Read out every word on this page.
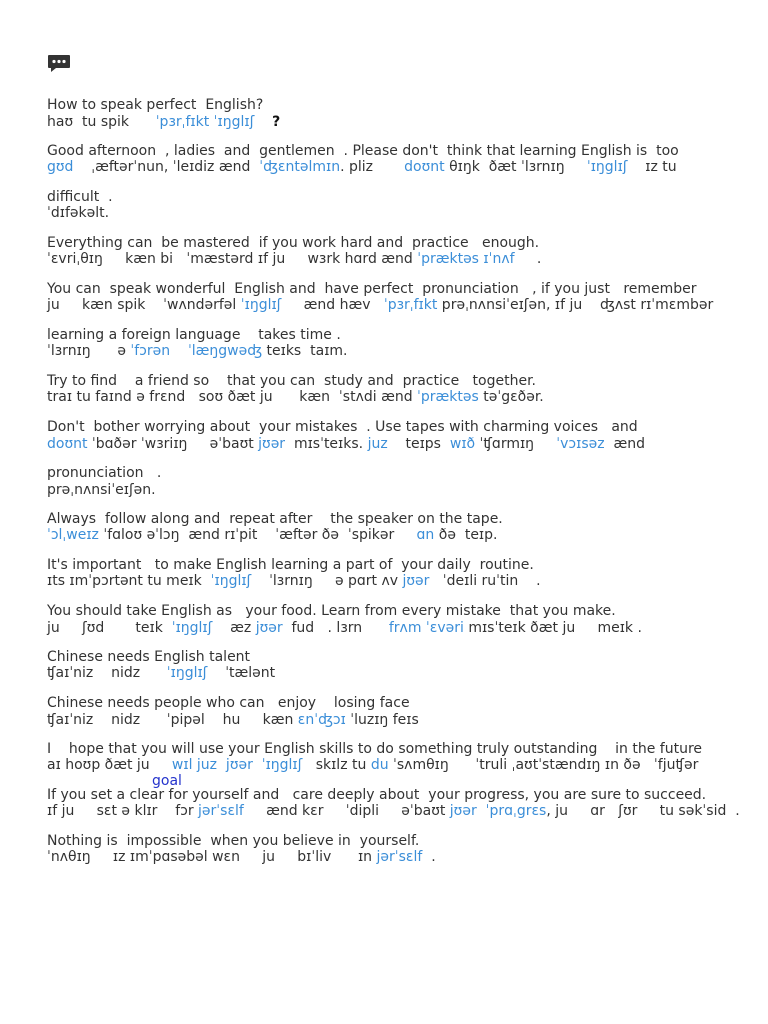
How to speak perfect  English?
haʊ  tu spik      ˈpɜrˌfɪkt ˈɪŋglɪʃ ?
Good afternoon  , ladies  and  gentlemen  . Please don't  think that learning English is  too
gʊd    ˌæftərˈnun, ˈleɪdiz ænd  ˈʤɛntəlmɪn. pliz       doʊnt θɪŋk  ðæt ˈlɜrnɪŋ     ˈɪŋglɪʃ    ɪz tu
difficult  .
ˈdɪfəkəlt.
Everything can  be mastered  if you work hard and  practice   enough.
ˈɛvriˌθɪŋ     kæn bi   ˈmæstərd ɪf ju     wɜrk hɑrd ænd ˈpræktəs ɪˈnʌf     .
You can  speak wonderful  English and  have perfect  pronunciation   , if you just   remember
ju     kæn spik    ˈwʌndərfəl ˈɪŋglɪʃ     ænd hæv   ˈpɜrˌfɪkt prəˌnʌnsiˈeɪʃən, ɪf ju    ʤʌst rɪˈmɛmbər
learning a foreign language    takes time .
ˈlɜrnɪŋ      ə ˈfɔrən ˈlæŋgwəʤ teɪks  taɪm.
Try to find    a friend so    that you can  study and  practice   together.
traɪ tu faɪnd ə frɛnd   soʊ ðæt ju      kæn  ˈstʌdi ænd ˈpræktəs təˈgɛðər.
Don't  bother worrying about  your mistakes  . Use tapes with charming voices   and
doʊnt ˈbɑðər ˈwɜriɪŋ     əˈbaʊt jʊər  mɪsˈteɪks. juz    teɪps  wɪð ˈʧɑrmɪŋ     ˈvɔɪsəz  ænd
pronunciation   .
prəˌnʌnsiˈeɪʃən.
Always  follow along and  repeat after    the speaker on the tape.
ˈɔlˌweɪz ˈfɑloʊ əˈlɔŋ  ænd rɪˈpit    ˈæftər ðə  ˈspikər     ɑn ðə  teɪp.
It's important   to make English learning a part of  your daily  routine.
ɪts ɪmˈpɔrtənt tu meɪk  ˈɪŋglɪʃ    ˈlɜrnɪŋ     ə pɑrt ʌv jʊər   ˈdeɪli ruˈtin    .
You should take English as   your food. Learn from every mistake  that you make.
ju     ʃʊd       teɪk  ˈɪŋglɪʃ    æz jʊər  fud   . lɜrn      frʌm ˈɛvəri mɪsˈteɪk ðæt ju     meɪk .
Chinese needs English talent
ʧaɪˈniz    nidz      ˈɪŋglɪʃ    ˈtælənt
Chinese needs people who can   enjoy    losing face
ʧaɪˈniz    nidz      ˈpipəl    hu     kæn ɛnˈʤɔɪ ˈluzɪŋ feɪs
I    hope that you will use your English skills to do something truly outstanding    in the future
aɪ hoʊp ðæt ju     wɪl juz  jʊər  ˈɪŋglɪʃ   skɪlz tu du ˈsʌmθɪŋ      ˈtruli ˌaʊtˈstændɪŋ ɪn ðə   ˈfjuʧər
If you set a clear for yourself and   care deeply about  your progress, you are sure to succeed.
ɪf ju     sɛt ə klɪr    fɔr jərˈsɛlf     ænd kɛr     ˈdipli     əˈbaʊt jʊər ˈprɑˌgrɛs, ju     ɑr   ʃʊr     tu səkˈsid  .
Nothing is  impossible  when you believe in  yourself.
ˈnʌθɪŋ     ɪz ɪmˈpɑsəbəl wɛn     ju     bɪˈliv      ɪn jərˈsɛlf  .
goal
